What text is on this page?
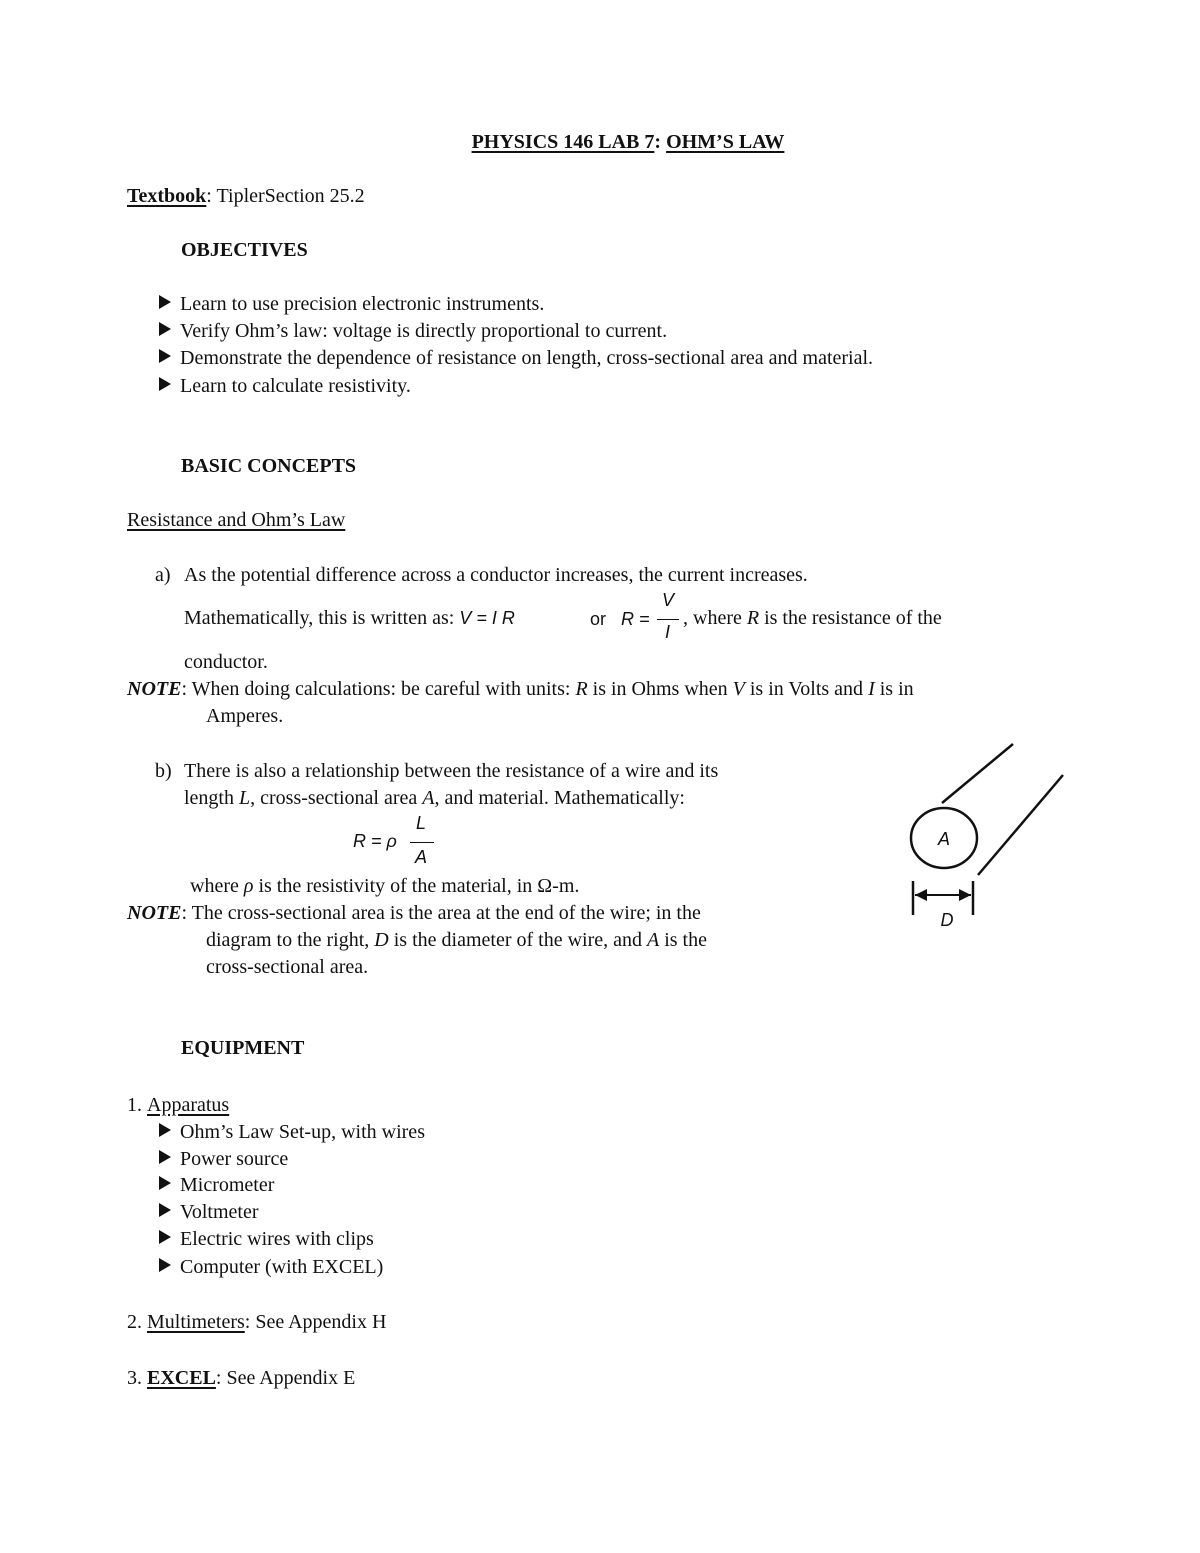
PHYSICS 146 LAB 7: OHM’S LAW
Textbook: TiplerSection 25.2
OBJECTIVES
Learn to use precision electronic instruments.
Verify Ohm’s law: voltage is directly proportional to current.
Demonstrate the dependence of resistance on length, cross-sectional area and material.
Learn to calculate resistivity.
BASIC CONCEPTS
Resistance and Ohm’s Law
a) As the potential difference across a conductor increases, the current increases.
Mathematically, this is written as: V = I R	or R =
V
I
, where R is the resistance of the
conductor.
NOTE: When doing calculations: be careful with units: R is in Ohms when V is in Volts and I is in
Amperes.
b) There is also a relationship between the resistance of a wire and its
length L, cross-sectional area A, and material. Mathematically:
R = ρ
L
A
where ρ is the resistivity of the material, in Ω-m.
NOTE: The cross-sectional area is the area at the end of the wire; in the
diagram to the right, D is the diameter of the wire, and A is the
cross-sectional area.
A
D
EQUIPMENT
1. Apparatus
Ohm’s Law Set-up, with wires
Power source
Micrometer
Voltmeter
Electric wires with clips
Computer (with EXCEL)
2. Multimeters: See Appendix H
3. EXCEL: See Appendix E
